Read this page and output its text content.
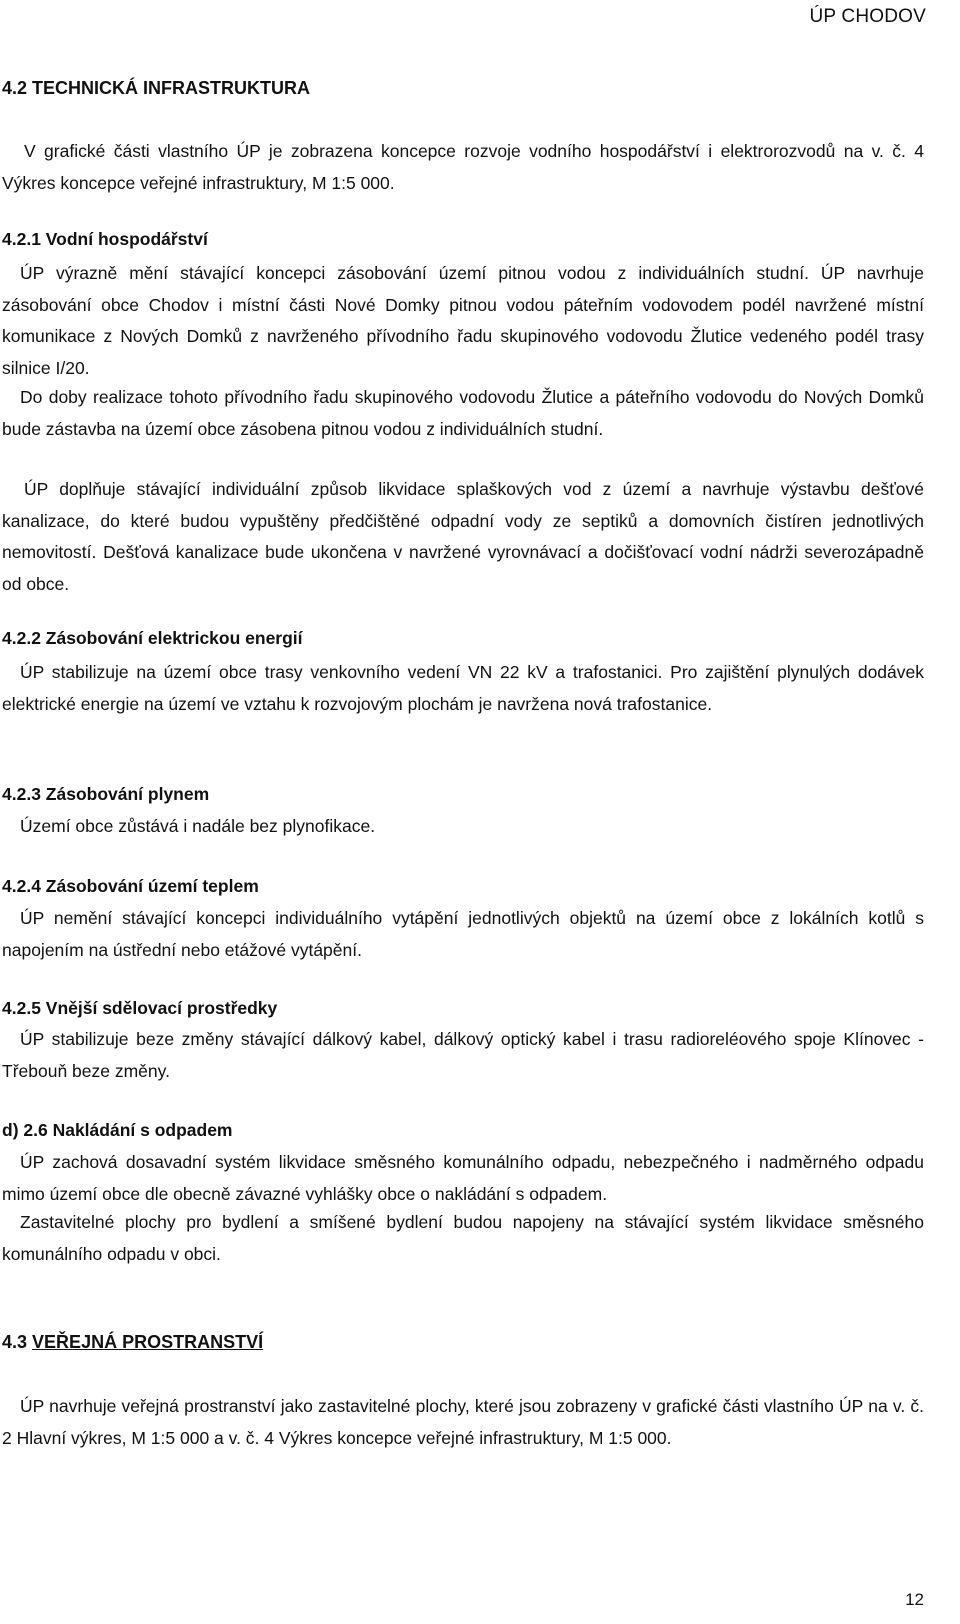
ÚP CHODOV
4.2 TECHNICKÁ INFRASTRUKTURA
V grafické části vlastního ÚP je zobrazena koncepce rozvoje vodního hospodářství i elektrorozvodů na v. č. 4 Výkres koncepce veřejné infrastruktury, M 1:5 000.
4.2.1 Vodní hospodářství
ÚP výrazně mění stávající koncepci zásobování území pitnou vodou z individuálních studní. ÚP navrhuje zásobování obce Chodov i místní části Nové Domky pitnou vodou páteřním vodovodem podél navržené místní komunikace z Nových Domků z navrženého přívodního řadu skupinového vodovodu Žlutice vedeného podél trasy silnice I/20.
Do doby realizace tohoto přívodního řadu skupinového vodovodu Žlutice a páteřního vodovodu do Nových Domků bude zástavba na území obce zásobena pitnou vodou z individuálních studní.
ÚP doplňuje stávající individuální způsob likvidace splaškových vod z území a navrhuje výstavbu dešťové kanalizace, do které budou vypuštěny předčištěné odpadní vody ze septiků a domovních čistíren jednotlivých nemovitostí. Dešťová kanalizace bude ukončena v navržené vyrovnávací a dočišťovací vodní nádrži severozápadně od obce.
4.2.2 Zásobování elektrickou energií
ÚP stabilizuje na území obce trasy venkovního vedení VN 22 kV a trafostanici. Pro zajištění plynulých dodávek elektrické energie na území ve vztahu k rozvojovým plochám je navržena nová trafostanice.
4.2.3 Zásobování plynem
Území obce zůstává i nadále bez plynofikace.
4.2.4 Zásobování území teplem
ÚP nemění stávající koncepci individuálního vytápění jednotlivých objektů na území obce z lokálních kotlů s napojením na ústřední nebo etážové vytápění.
4.2.5 Vnější sdělovací prostředky
ÚP stabilizuje beze změny stávající dálkový kabel, dálkový optický kabel i trasu radioreléového spoje Klínovec - Třebouň beze změny.
d) 2.6 Nakládání s odpadem
ÚP zachová dosavadní systém likvidace směsného komunálního odpadu, nebezpečného i nadměrného odpadu mimo území obce dle obecně závazné vyhlášky obce o nakládání s odpadem.
Zastavitelné plochy pro bydlení a smíšené bydlení budou napojeny na stávající systém likvidace směsného komunálního odpadu v obci.
4.3 VEŘEJNÁ PROSTRANSTVÍ
ÚP navrhuje veřejná prostranství jako zastavitelné plochy, které jsou zobrazeny v grafické části vlastního ÚP na v. č. 2 Hlavní výkres, M 1:5 000 a v. č. 4 Výkres koncepce veřejné infrastruktury, M 1:5 000.
12
